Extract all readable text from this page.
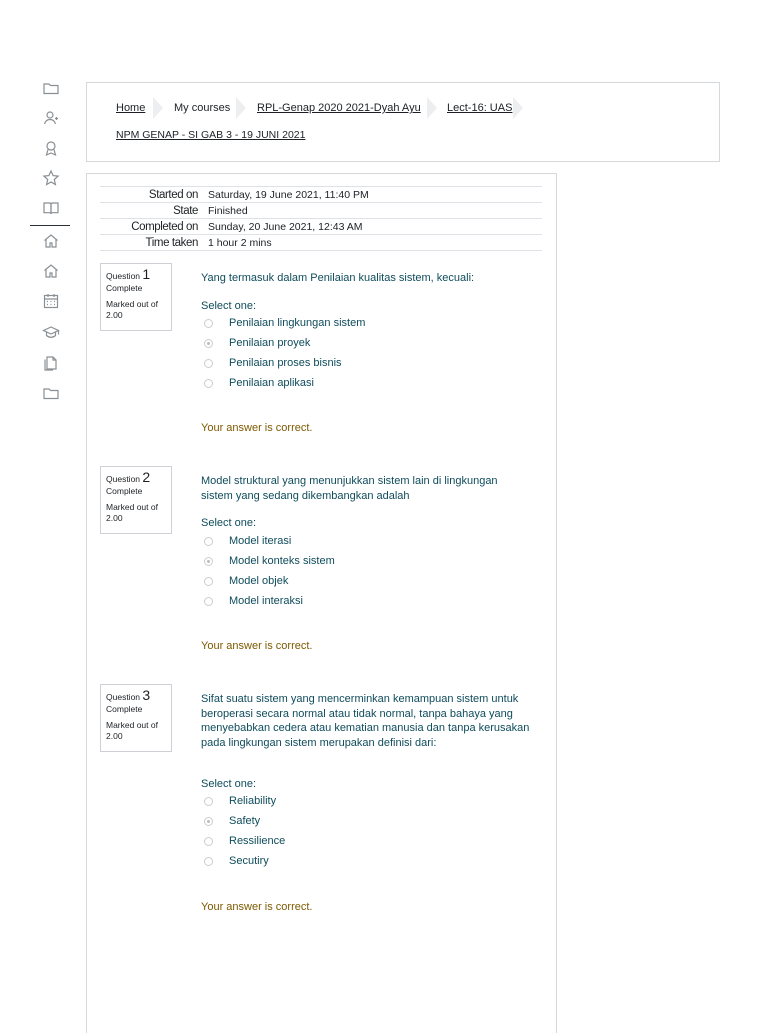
Home	My courses RPL-Genap 2020 2021-Dyah Ayu Lect-16: UAS
NPM GENAP - SI GAB 3 - 19 JUNI 2021
Started on	Saturday, 19 June 2021, 11:40 PM
State	Finished
Completed on	Sunday, 20 June 2021, 12:43 AM
Time taken	1 hour 2 mins
Question 1
Complete
Marked out of 2.00
Yang termasuk dalam Penilaian kualitas sistem, kecuali:
Select one:
Penilaian lingkungan sistem
Penilaian proyek
Penilaian proses bisnis
Penilaian aplikasi
Your answer is correct.
Question 2
Complete
Marked out of 2.00
Model struktural yang menunjukkan sistem lain di lingkungan sistem yang sedang dikembangkan adalah
Select one:
Model iterasi
Model konteks sistem
Model objek
Model interaksi
Your answer is correct.
Question 3
Complete
Marked out of 2.00
Sifat suatu sistem yang mencerminkan kemampuan sistem untuk beroperasi secara normal atau tidak normal, tanpa bahaya yang menyebabkan cedera atau kematian manusia dan tanpa kerusakan pada lingkungan sistem merupakan definisi dari:
Select one:
Reliability
Safety
Ressilience
Secutiry
Your answer is correct.
